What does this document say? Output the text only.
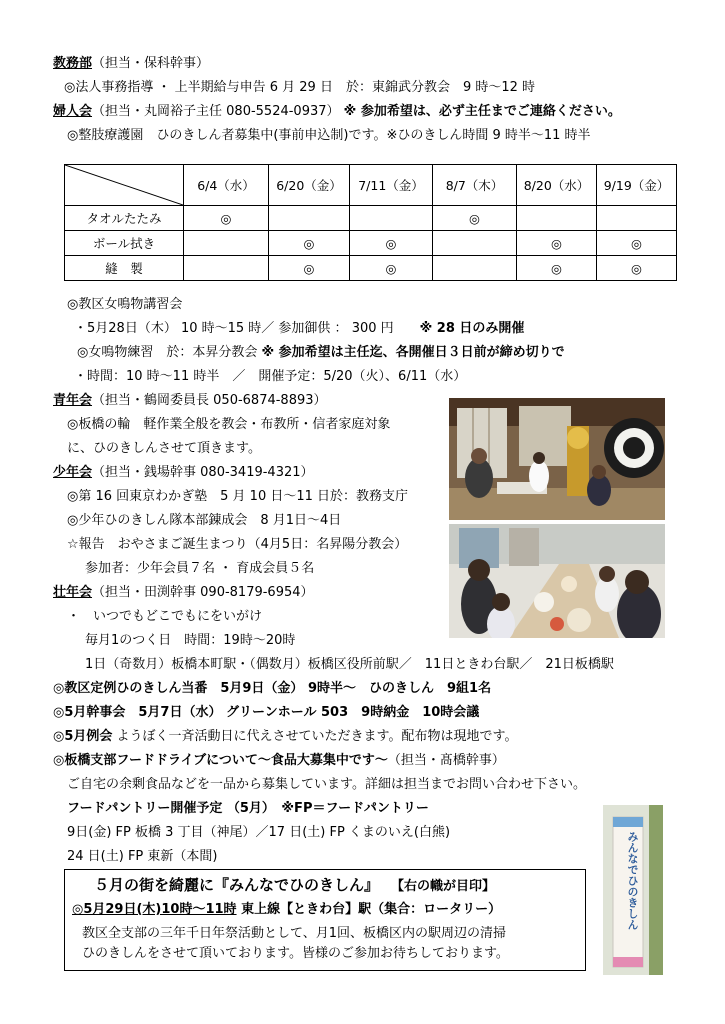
教務部（担当・保科幹事）
◎法人事務指導 ・ 上半期給与申告 6 月 29 日　於：東錦武分教会　9 時～12 時
婦人会（担当・丸岡裕子主任 080-5524-0937） ※ 参加希望は、必ず主任までご連絡ください。
◎整肢療護園　ひのきしん者募集中(事前申込制)です。※ひのきしん時間 9 時半～11 時半
	6/4（水）	6/20（金）	7/11（金）	8/7（木）	8/20（水）	9/19（金）
タオルたたみ	◎			◎		
ボール拭き		◎	◎		◎	◎
縫　製		◎	◎		◎	◎
◎教区女鳴物講習会
・5月28日（木） 10 時～15 時／ 参加御供 ： 300 円 ※ 28 日のみ開催
◎女鳴物練習　於：本昇分教会 ※ 参加希望は主任迄、各開催日３日前が締め切りで
・時間：10 時～11 時半　／　開催予定：5/20（火）、6/11（水）
青年会（担当・鶴岡委員長 050-6874-8893）
◎板橋の輪　軽作業全般を教会・布教所・信者家庭対象
に、ひのきしんさせて頂きます。
少年会（担当・銭場幹事 080-3419-4321）
◎第 16 回東京わかぎ塾　5 月 10 日～11 日於：教務支庁
◎少年ひのきしん隊本部錬成会　8 月1日～4日
☆報告　おやさまご誕生まつり（4月5日：名昇陽分教会）
参加者：少年会員７名 ・ 育成会員５名
壮年会（担当・田渕幹事 090-8179-6954）
・　いつでもどこでもにをいがけ
毎月1のつく日　時間：19時～20時
1日（奇数月）板橋本町駅・（偶数月）板橋区役所前駅／　11日ときわ台駅／　21日板橋駅
◎教区定例ひのきしん当番　5月9日（金） 9時半～　ひのきしん　9組1名
◎5月幹事会　5月7日（水） グリーンホール 503　9時納金　10時会議
◎5月例会 ようぼく一斉活動日に代えさせていただきます。配布物は現地です。
◎板橋支部フードドライブについて～食品大募集中です～（担当・髙橋幹事）
ご自宅の余剰食品などを一品から募集しています。詳細は担当までお問い合わせ下さい。
フードパントリー開催予定 （5月）　※FP＝フードパントリー
9日(金) FP 板橋 3 丁目（神尾）／17 日(土) FP くまのいえ(白熊)
24 日(土) FP 東新（本間)
５月の街を綺麗に『みんなでひのきしん』 【右の幟が目印】
◎5月29日(木)10時～11時 東上線【ときわ台】駅（集合：ロータリー）
教区全支部の三年千日年祭活動として、月1回、板橋区内の駅周辺の清掃
ひのきしんをさせて頂いております。皆様のご参加お待ちしております。
みんなでひのきしん
